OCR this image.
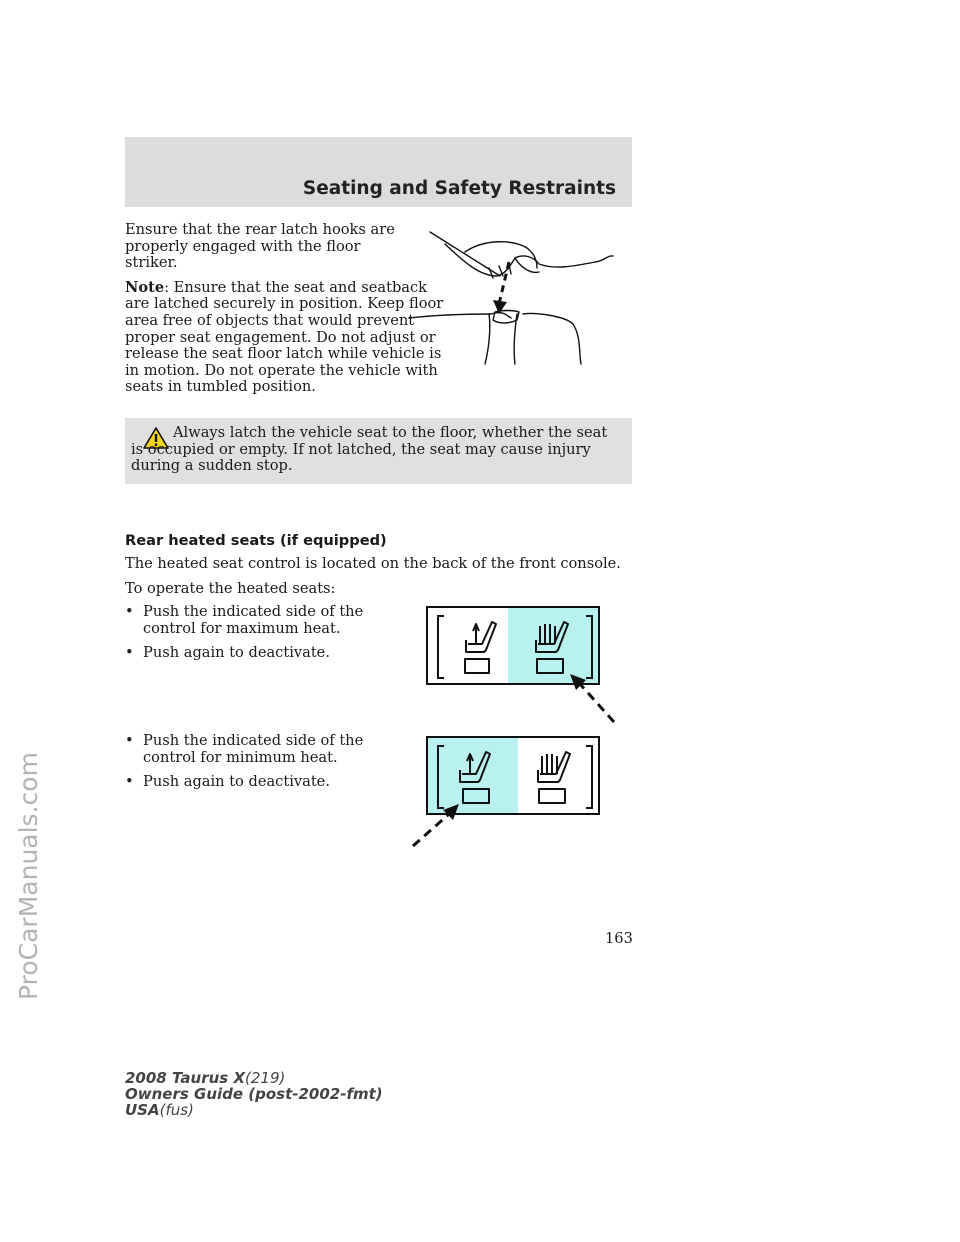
Seating and Safety Restraints

Ensure that the rear latch hooks are properly engaged with the floor striker.

Note: Ensure that the seat and seatback are latched securely in position. Keep floor area free of objects that would prevent proper seat engagement. Do not adjust or release the seat floor latch while vehicle is in motion. Do not operate the vehicle with seats in tumbled position.

Always latch the vehicle seat to the floor, whether the seat is occupied or empty. If not latched, the seat may cause injury during a sudden stop.
Rear heated seats (if equipped)

The heated seat control is located on the back of the front console.

To operate the heated seats:

• Push the indicated side of the control for maximum heat.
• Push again to deactivate.
• Push the indicated side of the control for minimum heat.
• Push again to deactivate.
163
2008 Taurus X(219)
Owners Guide (post-2002-fmt)
USA(fus)
ProCarManuals.com
